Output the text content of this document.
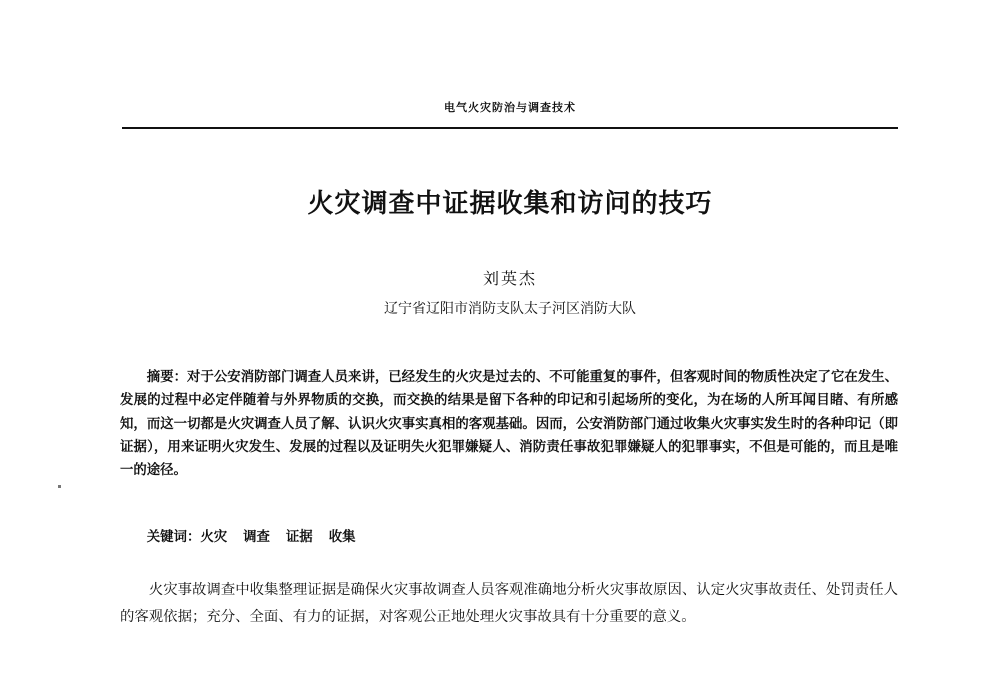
电气火灾防治与调查技术
火灾调查中证据收集和访问的技巧
刘英杰
辽宁省辽阳市消防支队太子河区消防大队

摘要：对于公安消防部门调查人员来讲，已经发生的火灾是过去的、不可能重复的事件，但客观时间的物质性决定了它在发生、发展的过程中必定伴随着与外界物质的交换，而交换的结果是留下各种的印记和引起场所的变化，为在场的人所耳闻目睹、有所感知，而这一切都是火灾调查人员了解、认识火灾事实真相的客观基础。因而，公安消防部门通过收集火灾事实发生时的各种印记（即证据），用来证明火灾发生、发展的过程以及证明失火犯罪嫌疑人、消防责任事故犯罪嫌疑人的犯罪事实，不但是可能的，而且是唯一的途径。

关键词：火灾 调查 证据 收集

火灾事故调查中收集整理证据是确保火灾事故调查人员客观准确地分析火灾事故原因、认定火灾事故责任、处罚责任人的客观依据；充分、全面、有力的证据，对客观公正地处理火灾事故具有十分重要的意义。
